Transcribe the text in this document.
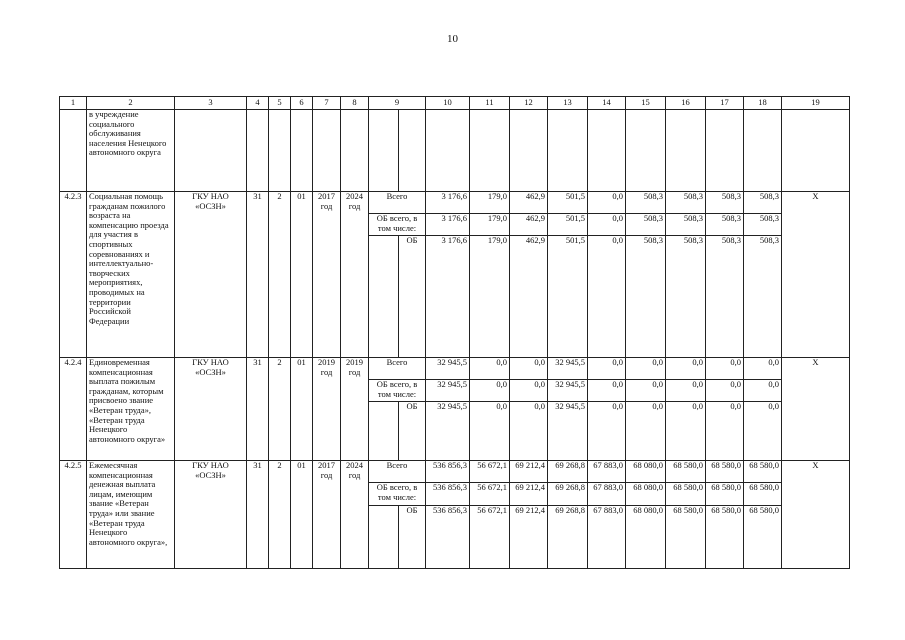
10
1	2	3	4	5	6	7	8	9		10	11	12	13	14	15	16	17	18	19
	в учреждение социального обслуживания населения Ненецкого автономного округа																		
4.2.3	Социальная помощь гражданам пожилого возраста на компенсацию проезда для участия в спортивных соревнованиях и интеллектуально-творческих мероприятиях, проводимых на территории Российской Федерации	ГКУ НАО «ОСЗН»	31	2	01	2017 год	2024 год	Всего		3 176,6	179,0	462,9	501,5	0,0	508,3	508,3	508,3	508,3	X
								ОБ всего, в том числе:		3 176,6	179,0	462,9	501,5	0,0	508,3	508,3	508,3	508,3	
									ОБ	3 176,6	179,0	462,9	501,5	0,0	508,3	508,3	508,3	508,3	
4.2.4	Единовременная компенсационная выплата пожилым гражданам, которым присвоено звание «Ветеран труда», «Ветеран труда Ненецкого автономного округа»	ГКУ НАО «ОСЗН»	31	2	01	2019 год	2019 год	Всего		32 945,5	0,0	0,0	32 945,5	0,0	0,0	0,0	0,0	0,0	X
								ОБ всего, в том числе:		32 945,5	0,0	0,0	32 945,5	0,0	0,0	0,0	0,0	0,0	
									ОБ	32 945,5	0,0	0,0	32 945,5	0,0	0,0	0,0	0,0	0,0	
4.2.5	Ежемесячная компенсационная денежная выплата лицам, имеющим звание «Ветеран труда» или звание «Ветеран труда Ненецкого автономного округа»,	ГКУ НАО «ОСЗН»	31	2	01	2017 год	2024 год	Всего		536 856,3	56 672,1	69 212,4	69 268,8	67 883,0	68 080,0	68 580,0	68 580,0	68 580,0	X
								ОБ всего, в том числе:		536 856,3	56 672,1	69 212,4	69 268,8	67 883,0	68 080,0	68 580,0	68 580,0	68 580,0	
									ОБ	536 856,3	56 672,1	69 212,4	69 268,8	67 883,0	68 080,0	68 580,0	68 580,0	68 580,0	
